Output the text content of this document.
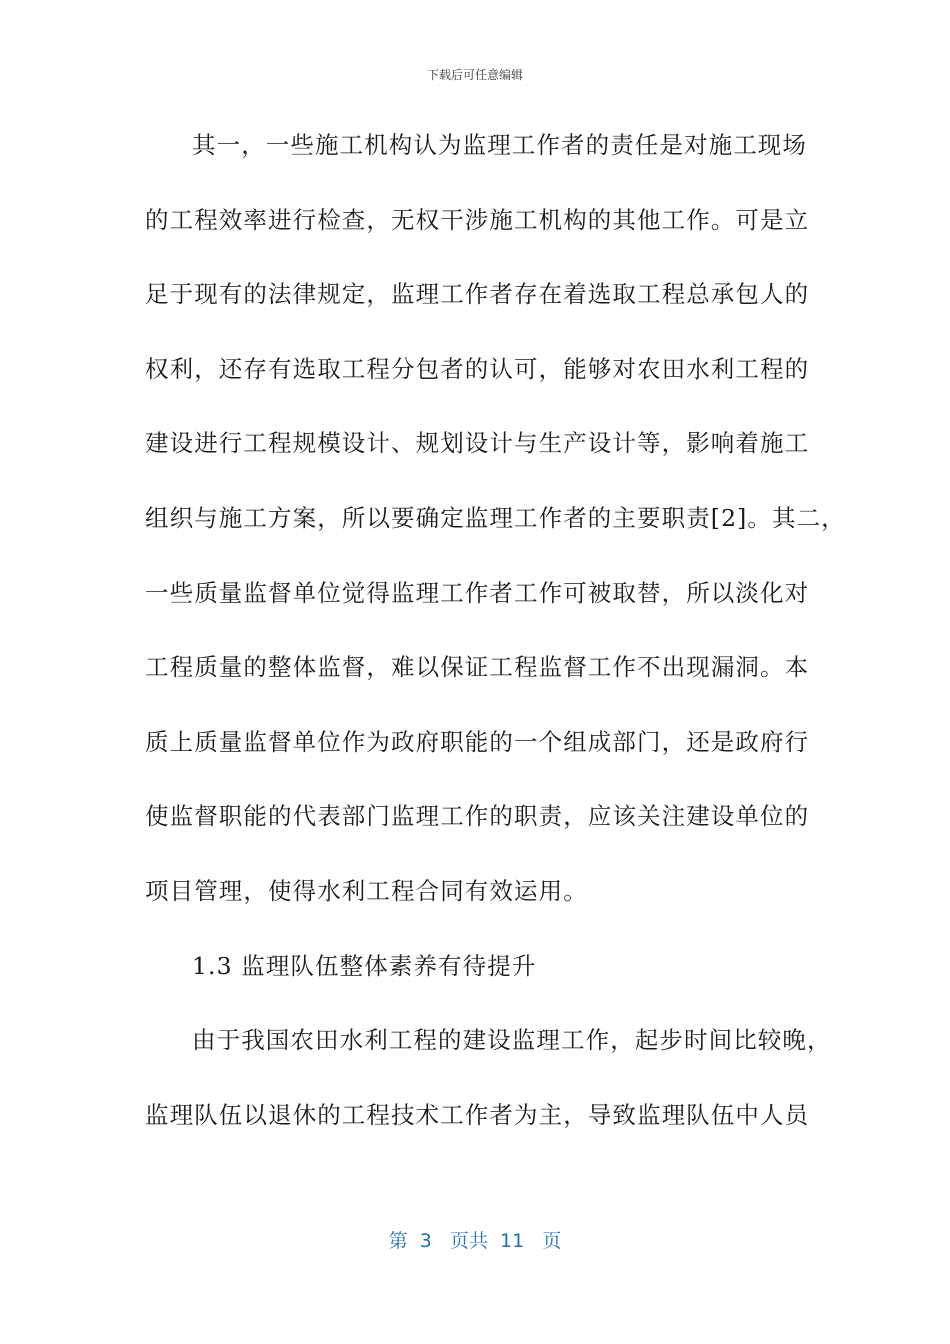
下载后可任意编辑
其一，一些施工机构认为监理工作者的责任是对施工现场
的工程效率进行检查，无权干涉施工机构的其他工作。可是立
足于现有的法律规定，监理工作者存在着选取工程总承包人的
权利，还存有选取工程分包者的认可，能够对农田水利工程的
建设进行工程规模设计、规划设计与生产设计等，影响着施工
组织与施工方案，所以要确定监理工作者的主要职责[2]。其二，
一些质量监督单位觉得监理工作者工作可被取替，所以淡化对
工程质量的整体监督，难以保证工程监督工作不出现漏洞。本
质上质量监督单位作为政府职能的一个组成部门，还是政府行
使监督职能的代表部门监理工作的职责，应该关注建设单位的
项目管理，使得水利工程合同有效运用。
1.3 监理队伍整体素养有待提升
由于我国农田水利工程的建设监理工作，起步时间比较晚，
监理队伍以退休的工程技术工作者为主，导致监理队伍中人员
第  3   页共  11   页
